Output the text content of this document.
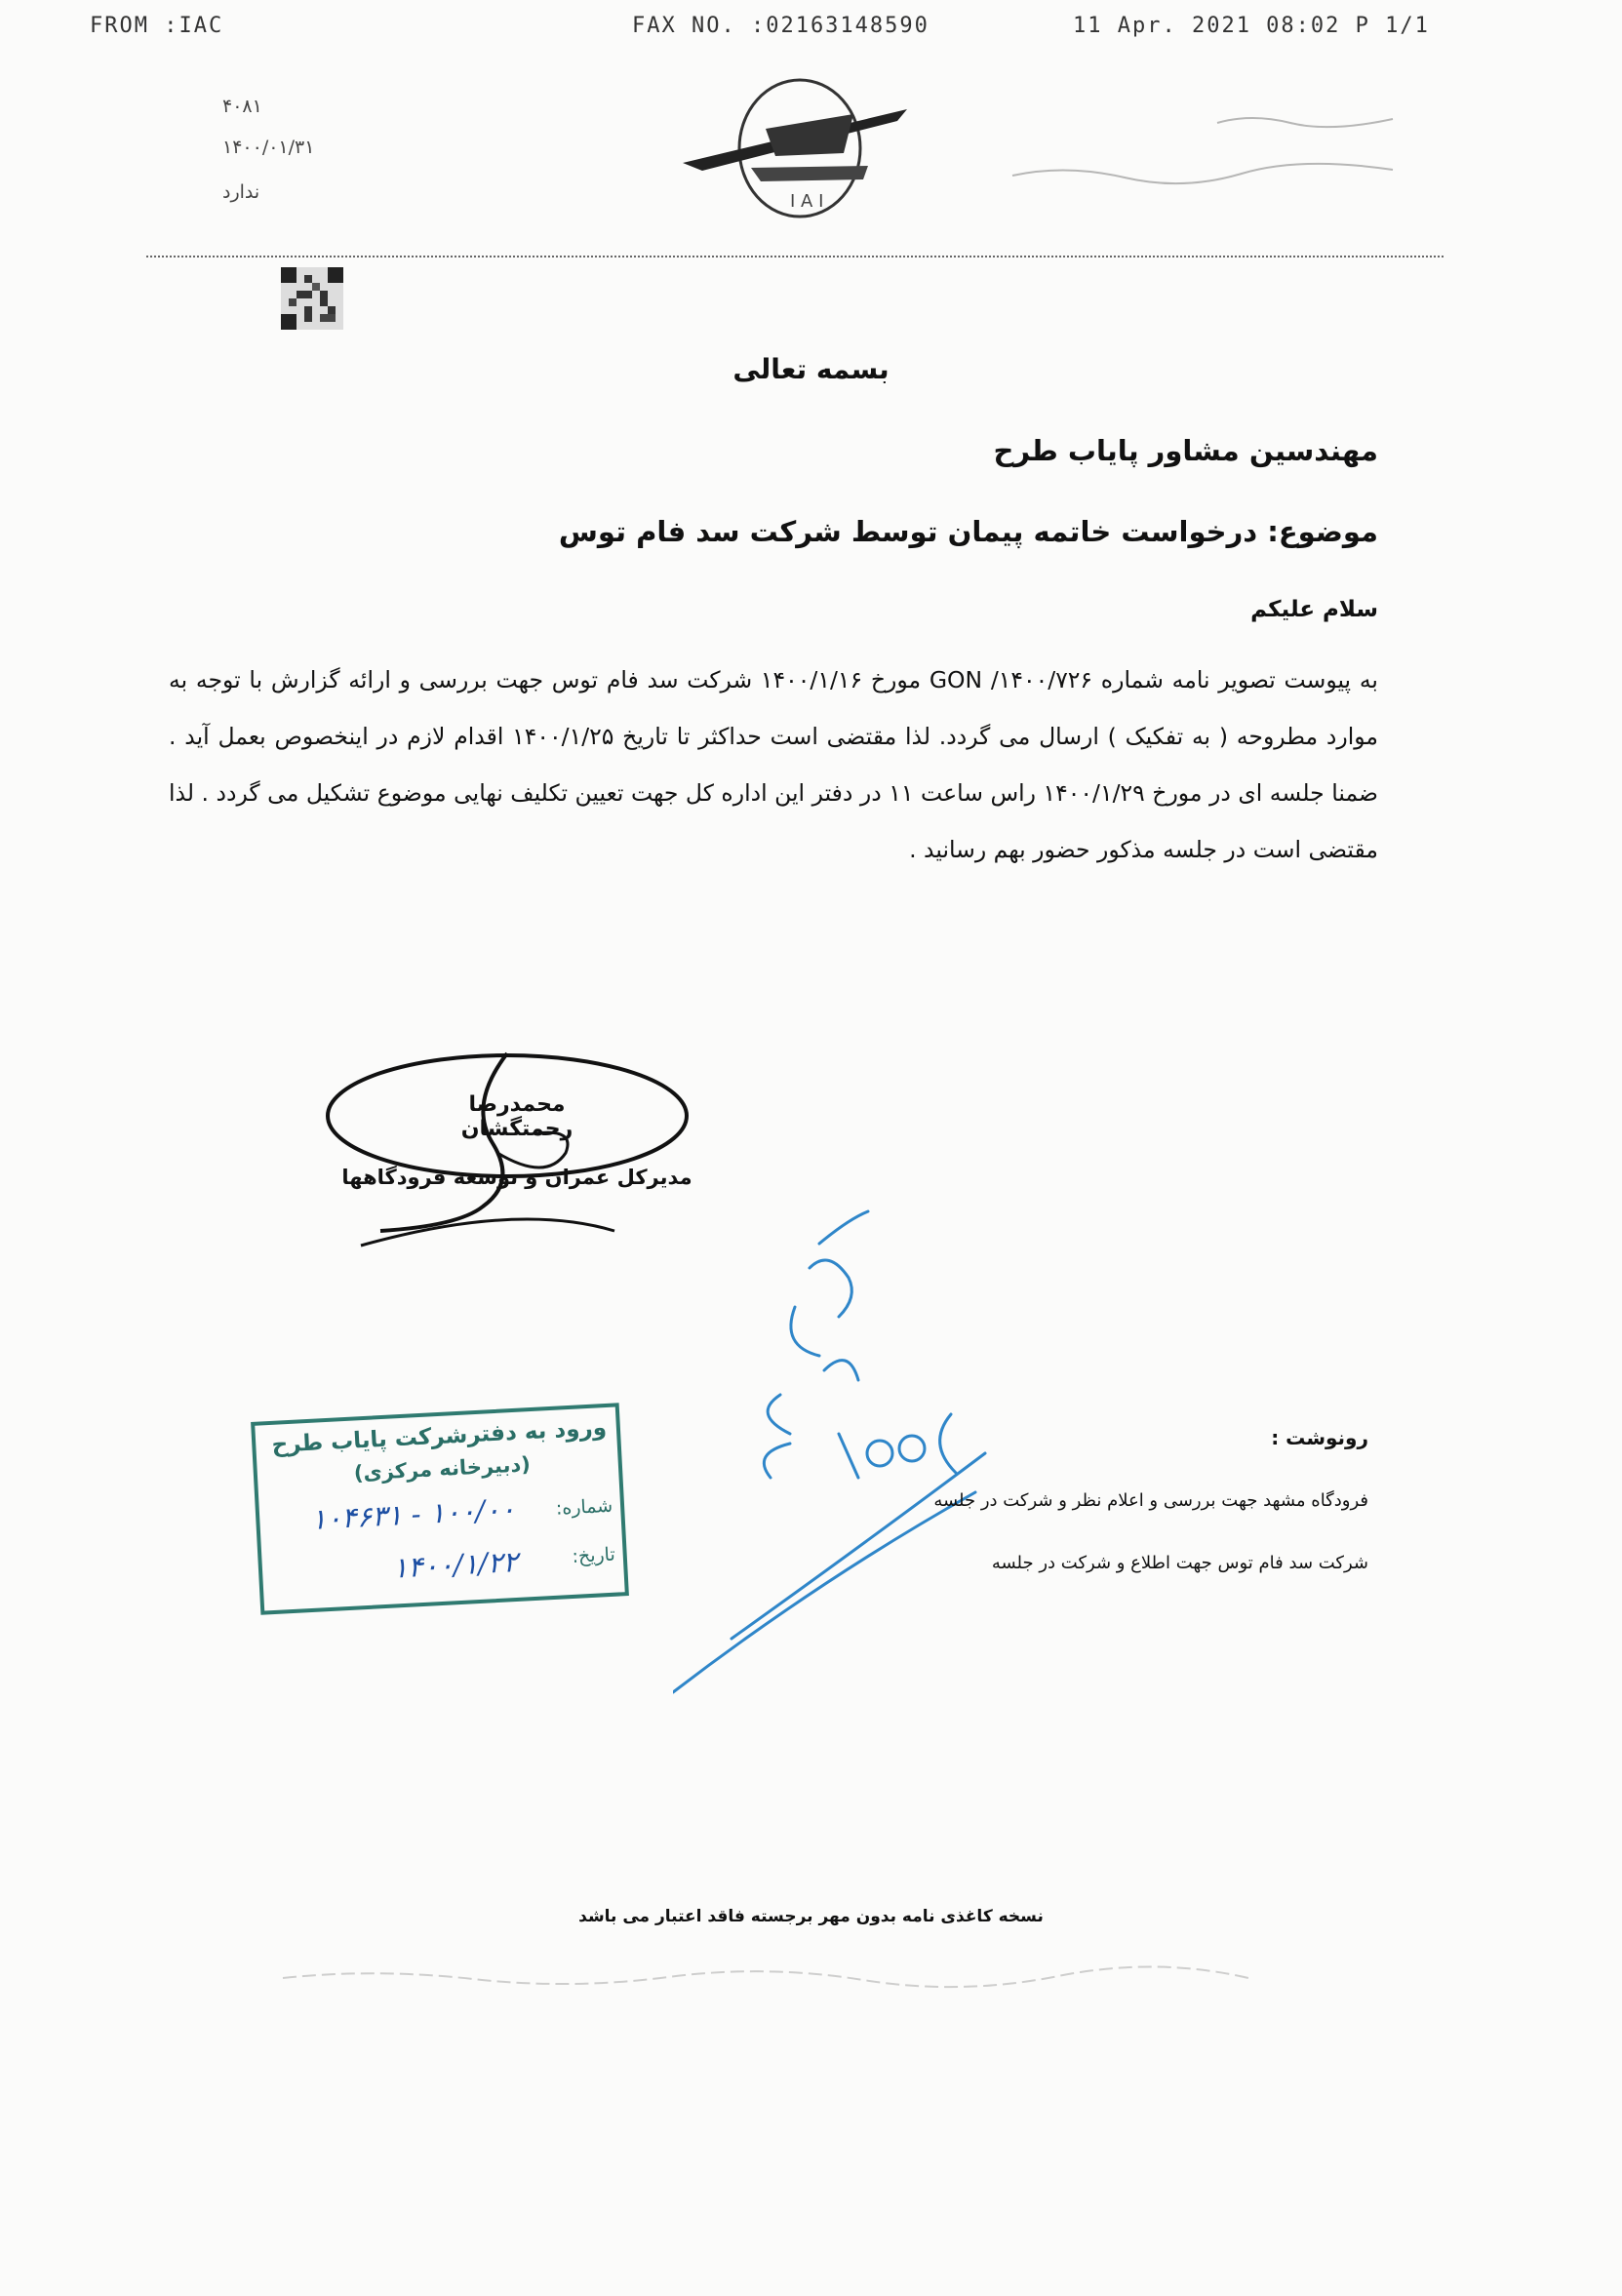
FROM :IAC	FAX NO. :02163148590	11 Apr. 2021 08:02 P 1/1

۴۰۸۱

۱۴۰۰/۰۱/۳۱

ندارد	I A I
بسمه تعالی
مهندسین مشاور پایاب طرح
موضوع: درخواست خاتمه پیمان توسط شرکت سد فام توس
سلام علیکم
به پیوست تصویر نامه شماره GON /۱۴۰۰/۷۲۶ مورخ ۱۴۰۰/۱/۱۶ شرکت سد فام توس جهت بررسی و ارائه گزارش با توجه به موارد مطروحه ( به تفکیک ) ارسال می گردد. لذا مقتضی است حداکثر تا تاریخ ۱۴۰۰/۱/۲۵ اقدام لازم در اینخصوص بعمل آید . ضمنا جلسه ای در مورخ ۱۴۰۰/۱/۲۹ راس ساعت ۱۱ در دفتر این اداره کل جهت تعیین تکلیف نهایی موضوع تشکیل می گردد . لذا مقتضی است در جلسه مذکور حضور بهم رسانید .
محمدرضا رحمتگشان
مدیرکل عمران و توسعه فرودگاهها
ورود به دفترشرکت پایاب طرح
(دبیرخانه مرکزی)
شماره:
۱۰۰/۰۰ - ۱۰۴۶۳۱
تاریخ:
۱۴۰۰/۱/۲۲
رونوشت :
فرودگاه مشهد جهت بررسی و اعلام نظر و شرکت در جلسه
شرکت سد فام توس جهت اطلاع و شرکت در جلسه
نسخه کاغذی نامه بدون مهر برجسته فاقد اعتبار می باشد
